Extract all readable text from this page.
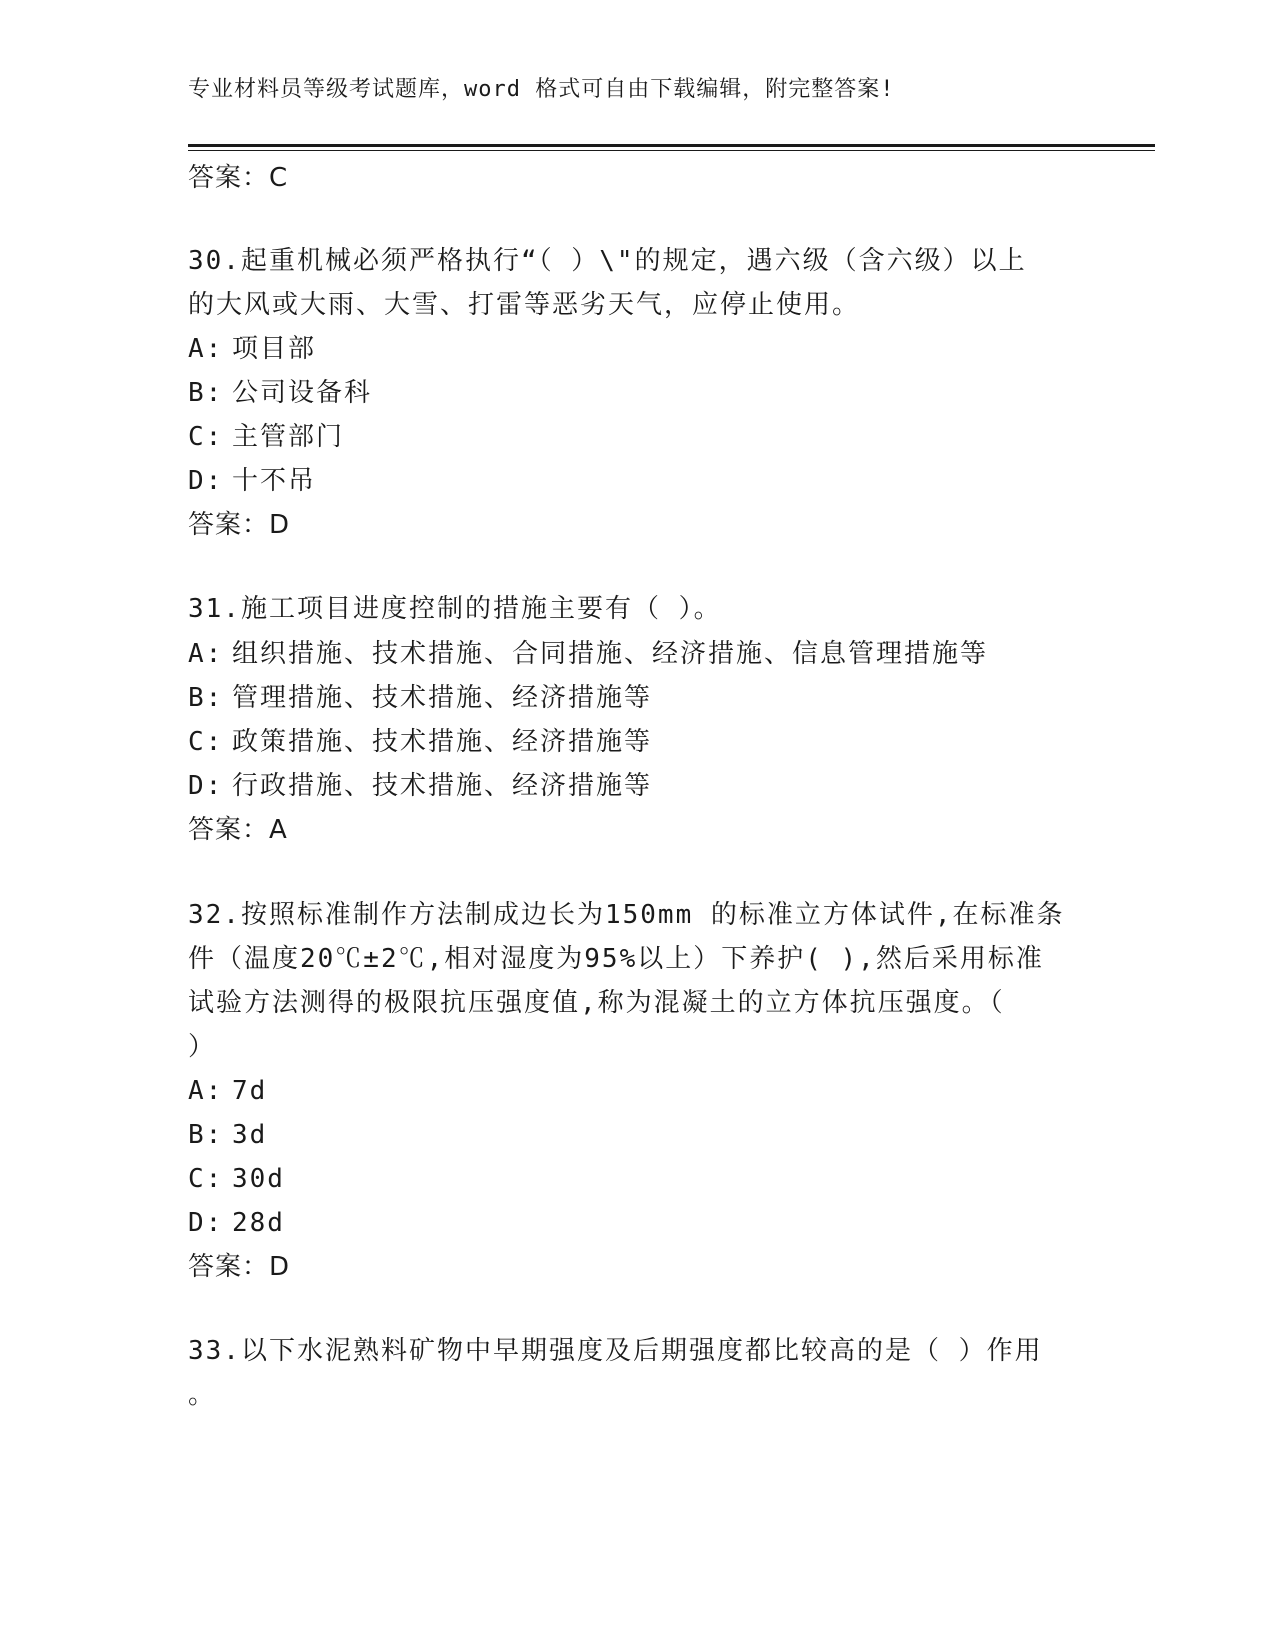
专业材料员等级考试题库，word 格式可自由下载编辑，附完整答案!
答案：C
30.起重机械必须严格执行“（ ）\"的规定，遇六级（含六级）以上
的大风或大雨、大雪、打雷等恶劣天气，应停止使用。
A: 项目部
B: 公司设备科
C: 主管部门
D: 十不吊
答案：D
31.施工项目进度控制的措施主要有（ ）。
A: 组织措施、技术措施、合同措施、经济措施、信息管理措施等
B: 管理措施、技术措施、经济措施等
C: 政策措施、技术措施、经济措施等
D: 行政措施、技术措施、经济措施等
答案：A
32.按照标准制作方法制成边长为150mm 的标准立方体试件,在标准条
件（温度20℃±2℃,相对湿度为95%以上）下养护( ),然后采用标准
试验方法测得的极限抗压强度值,称为混凝土的立方体抗压强度。（
）
A: 7d
B: 3d
C: 30d
D: 28d
答案：D
33.以下水泥熟料矿物中早期强度及后期强度都比较高的是（ ）作用
。
